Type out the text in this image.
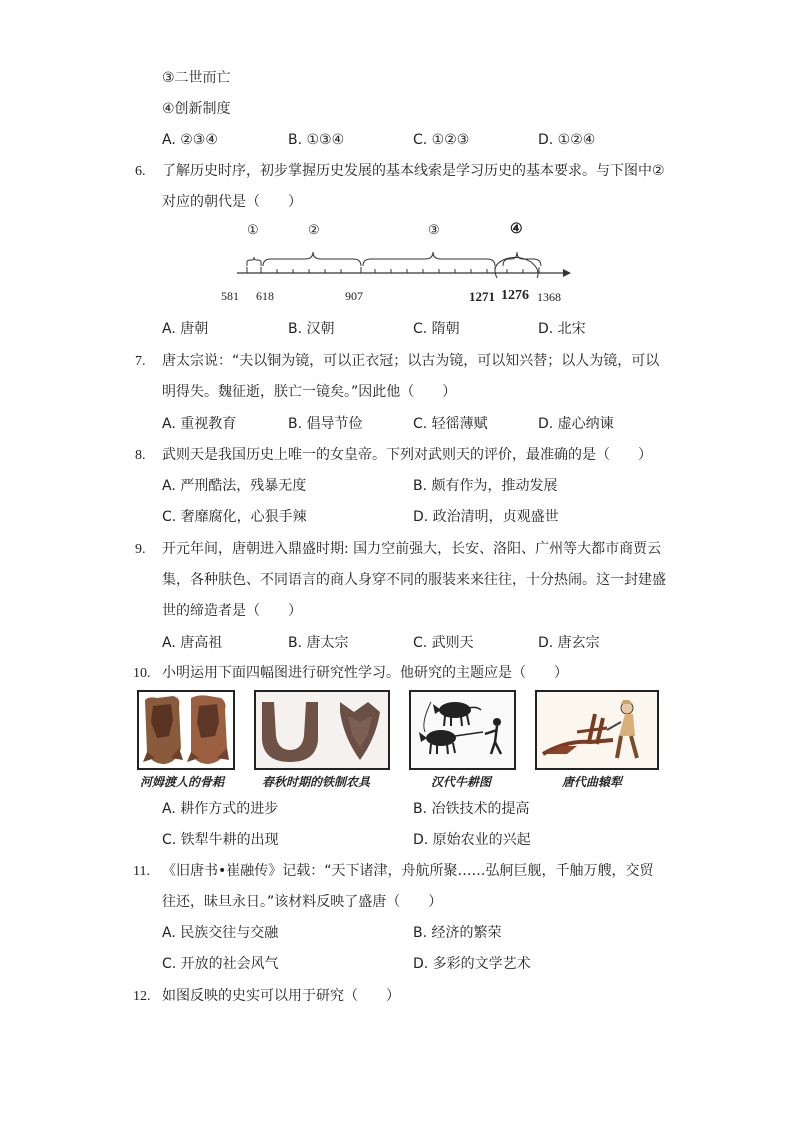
③二世而亡
④创新制度
A. ②③④	B. ①③④	C. ①②③	D. ①②④
6. 了解历史时序，初步掌握历史发展的基本线索是学习历史的基本要求。与下图中②
对应的朝代是（　　）
①	②	③	④
581 618	907	1271 1276 1368
A. 唐朝	B. 汉朝	C. 隋朝	D. 北宋
7. 唐太宗说：“夫以铜为镜，可以正衣冠；以古为镜，可以知兴替；以人为镜，可以
明得失。魏征逝，朕亡一镜矣。”因此他（　　）
A. 重视教育	B. 倡导节俭	C. 轻徭薄赋	D. 虚心纳谏
8. 武则天是我国历史上唯一的女皇帝。下列对武则天的评价，最准确的是（　　）
A. 严刑酷法，残暴无度	B. 颇有作为，推动发展
C. 奢靡腐化，心狠手辣	D. 政治清明，贞观盛世
9. 开元年间，唐朝进入鼎盛时期: 国力空前强大，长安、洛阳、广州等大都市商贾云
集，各种肤色、不同语言的商人身穿不同的服装来来往往，十分热闹。这一封建盛
世的缔造者是（　　）
A. 唐高祖	B. 唐太宗	C. 武则天	D. 唐玄宗
10. 小明运用下面四幅图进行研究性学习。他研究的主题应是（　　）
河姆渡人的骨耜	春秋时期的铁制农具	汉代牛耕图	唐代曲辕犁
A. 耕作方式的进步	B. 冶铁技术的提高
C. 铁犁牛耕的出现	D. 原始农业的兴起
11. 《旧唐书•崔融传》记载：“天下诸津，舟航所聚……弘舸巨舰，千舳万艘，交贸
往还，昧旦永日。”该材料反映了盛唐（　　）
A. 民族交往与交融	B. 经济的繁荣
C. 开放的社会风气	D. 多彩的文学艺术
12. 如图反映的史实可以用于研究（　　）
